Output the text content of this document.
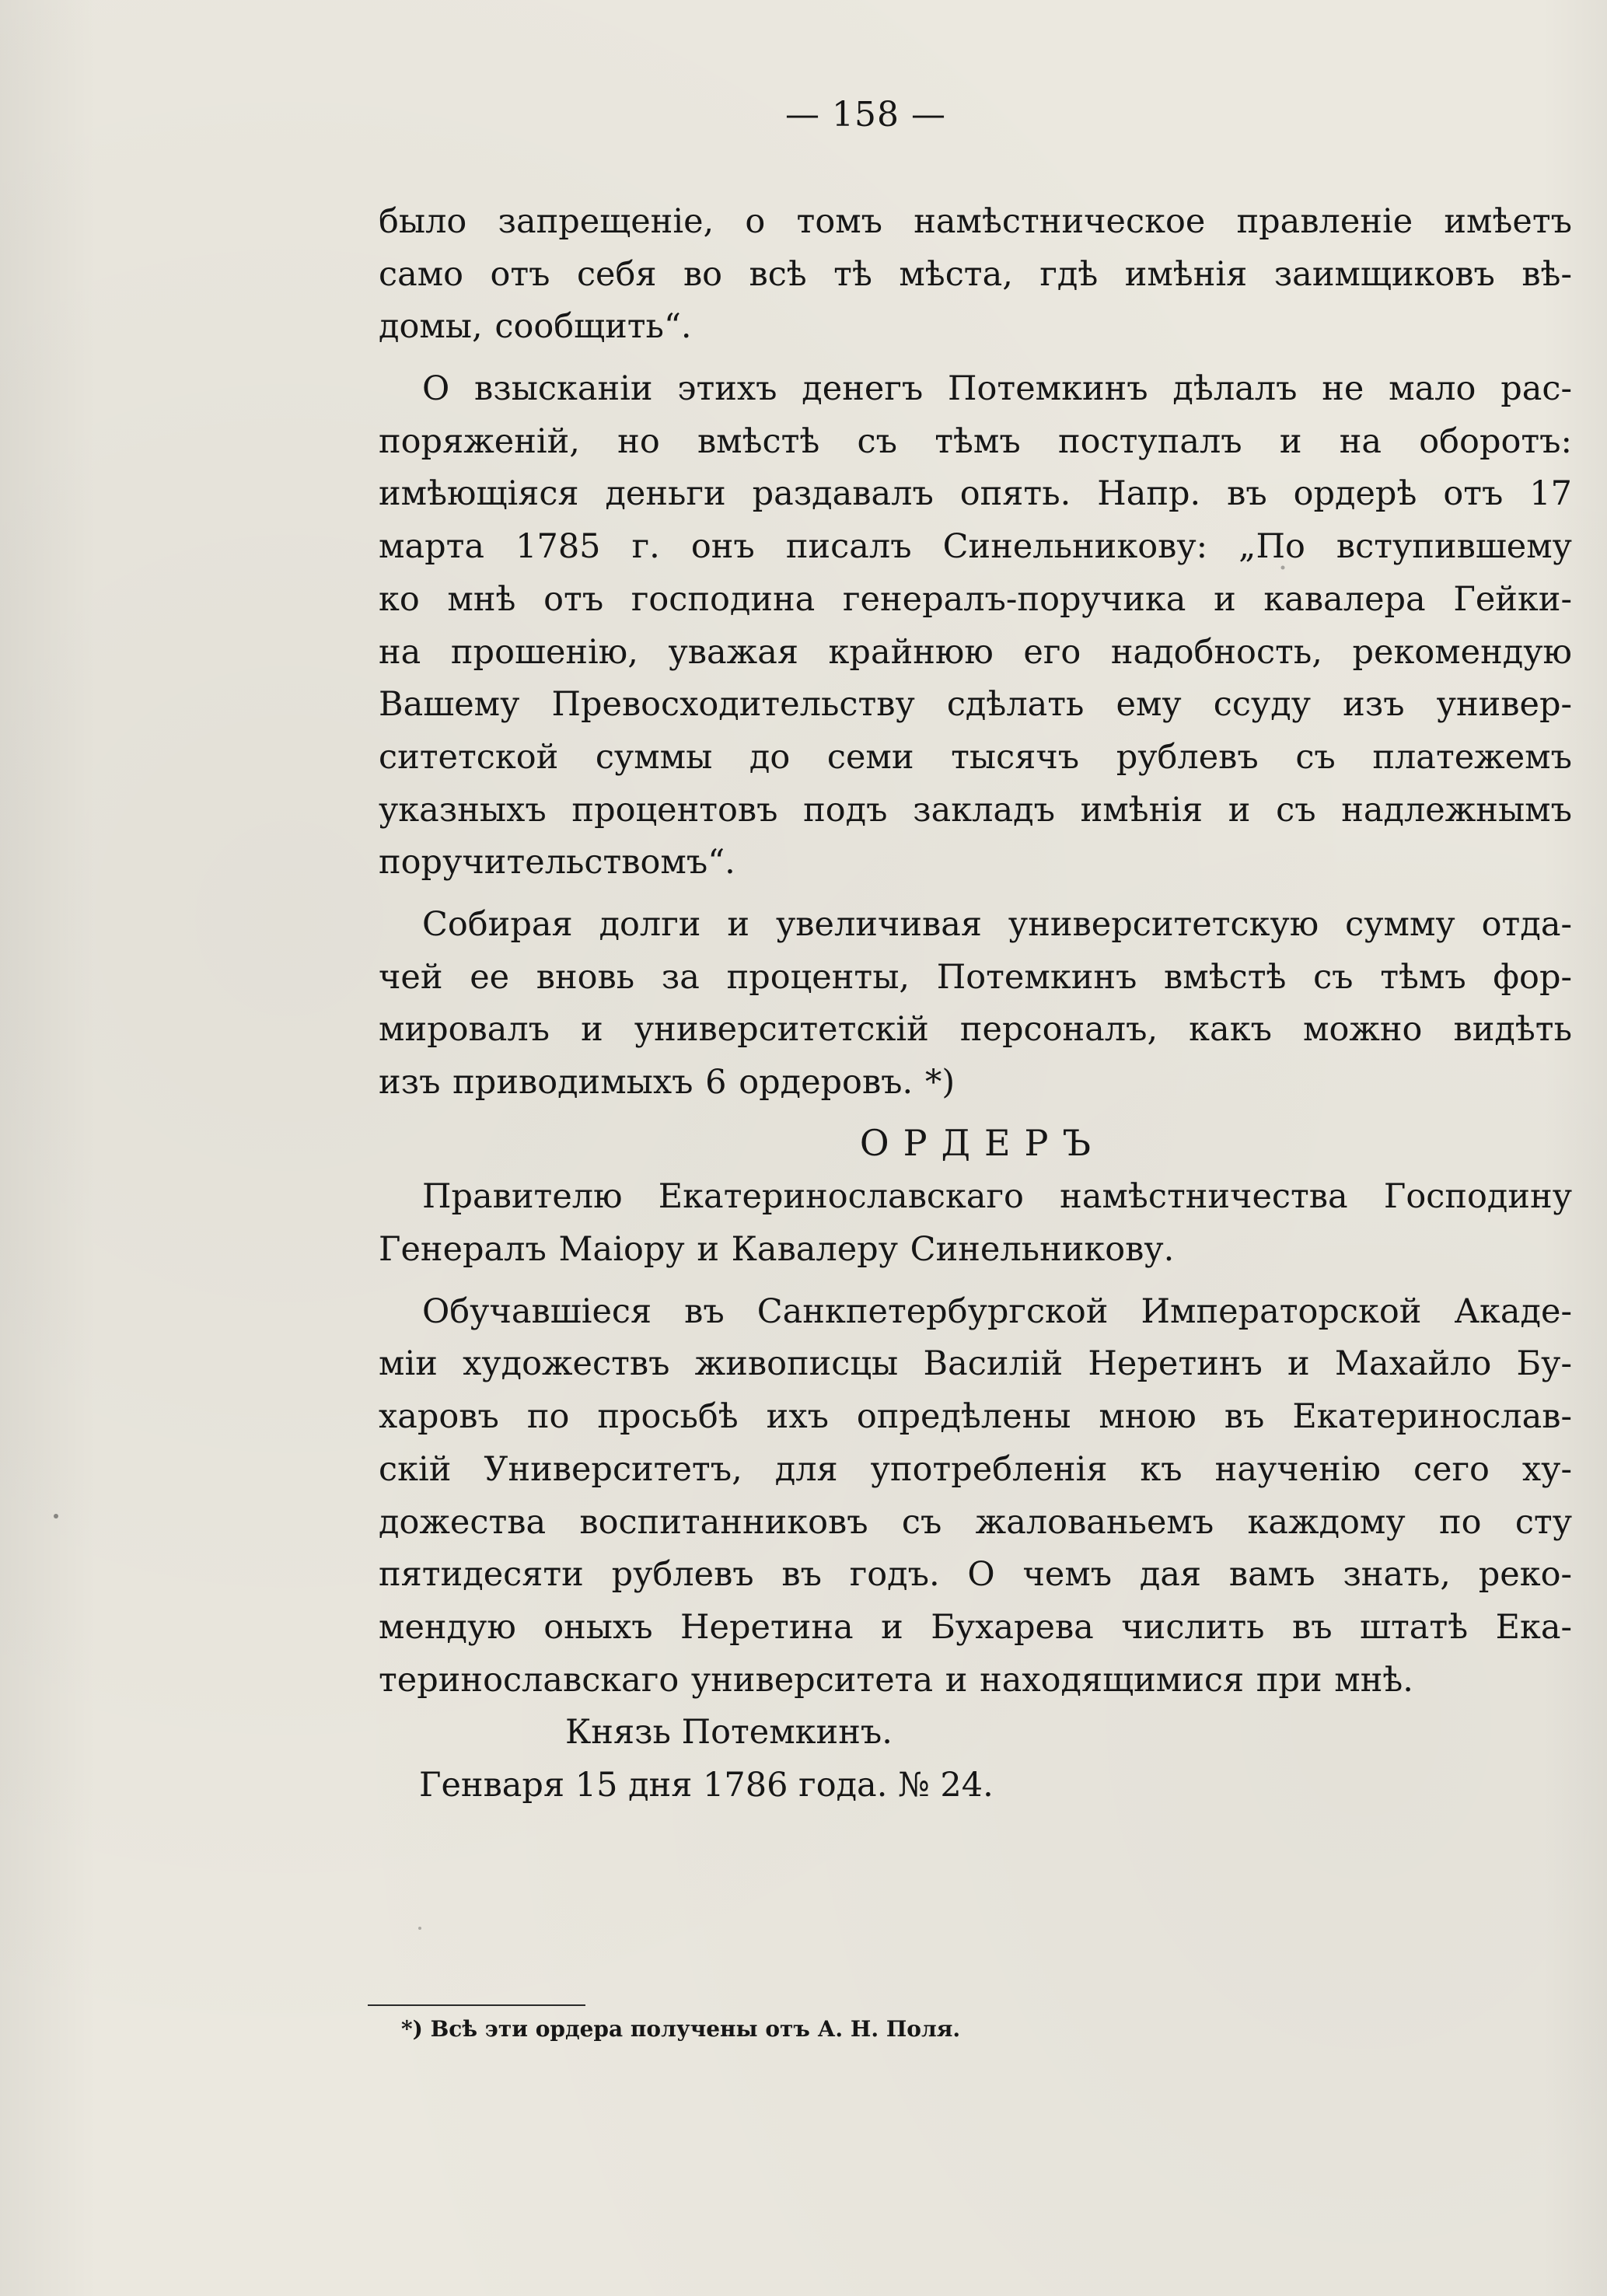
— 158 —
было запрещеніе, о томъ намѣстническое правленіе имѣетъ
само отъ себя во всѣ тѣ мѣста, гдѣ имѣнія заимщиковъ вѣ-
домы, сообщить“.
О взысканіи этихъ денегъ Потемкинъ дѣлалъ не мало рас-
поряженій, но вмѣстѣ съ тѣмъ поступалъ и на оборотъ:
имѣющіяся деньги раздавалъ опять. Напр. въ ордерѣ отъ 17
марта 1785 г. онъ писалъ Синельникову: „По вступившему
ко мнѣ отъ господина генералъ-поручика и кавалера Гейки-
на прошенію, уважая крайнюю его надобность, рекомендую
Вашему Превосходительству сдѣлать ему ссуду изъ универ-
ситетской суммы до семи тысячъ рублевъ съ платежемъ
указныхъ процентовъ подъ закладъ имѣнія и съ надлежнымъ
поручительствомъ“.
Собирая долги и увеличивая университетскую сумму отда-
чей ее вновь за проценты, Потемкинъ вмѣстѣ съ тѣмъ фор-
мировалъ и университетскій персоналъ, какъ можно видѣть
изъ приводимыхъ 6 ордеровъ. *)
ОРДЕРЪ
Правителю Екатеринославскаго намѣстничества Господину
Генералъ Маіору и Кавалеру Синельникову.
Обучавшіеся въ Санкпетербургской Императорской Акаде-
міи художествъ живописцы Василій Неретинъ и Махайло Бу-
харовъ по просьбѣ ихъ опредѣлены мною въ Екатеринослав-
скій Университетъ, для употребленія къ наученію сего ху-
дожества воспитанниковъ съ жалованьемъ каждому по сту
пятидесяти рублевъ въ годъ. О чемъ дая вамъ знать, реко-
мендую оныхъ Неретина и Бухарева числить въ штатѣ Ека-
теринославскаго университета и находящимися при мнѣ.
Князь Потемкинъ.
Генваря 15 дня 1786 года. № 24.
*) Всѣ эти ордера получены отъ А. Н. Поля.
